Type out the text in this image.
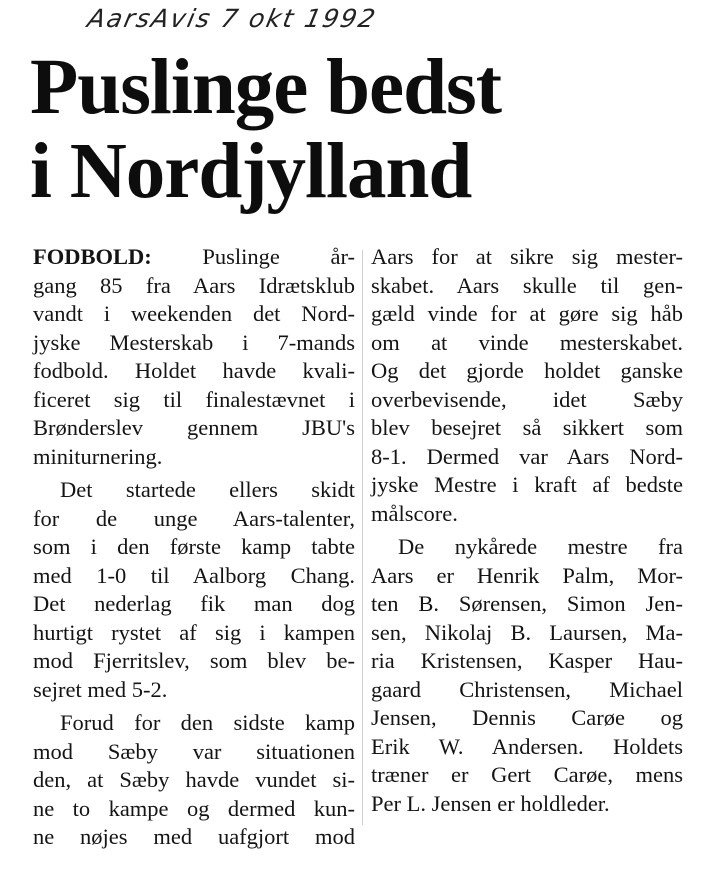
AarsAvis 7 okt 1992
Puslinge bedst
i Nordjylland

FODBOLD: Puslinge år-
gang 85 fra Aars Idrætsklub
vandt i weekenden det Nord-
jyske Mesterskab i 7-mands
fodbold. Holdet havde kvali-
ficeret sig til finalestævnet i
Brønderslev gennem JBU's
miniturnering.

Det startede ellers skidt
for de unge Aars-talenter,
som i den første kamp tabte
med 1-0 til Aalborg Chang.
Det nederlag fik man dog
hurtigt rystet af sig i kampen
mod Fjerritslev, som blev be-
sejret med 5-2.

Forud for den sidste kamp
mod Sæby var situationen
den, at Sæby havde vundet si-
ne to kampe og dermed kun-
ne nøjes med uafgjort mod

Aars for at sikre sig mester-
skabet. Aars skulle til gen-
gæld vinde for at gøre sig håb
om at vinde mesterskabet.
Og det gjorde holdet ganske
overbevisende, idet Sæby
blev besejret så sikkert som
8-1. Dermed var Aars Nord-
jyske Mestre i kraft af bedste
målscore.

De nykårede mestre fra
Aars er Henrik Palm, Mor-
ten B. Sørensen, Simon Jen-
sen, Nikolaj B. Laursen, Ma-
ria Kristensen, Kasper Hau-
gaard Christensen, Michael
Jensen, Dennis Carøe og
Erik W. Andersen. Holdets
træner er Gert Carøe, mens
Per L. Jensen er holdleder.
